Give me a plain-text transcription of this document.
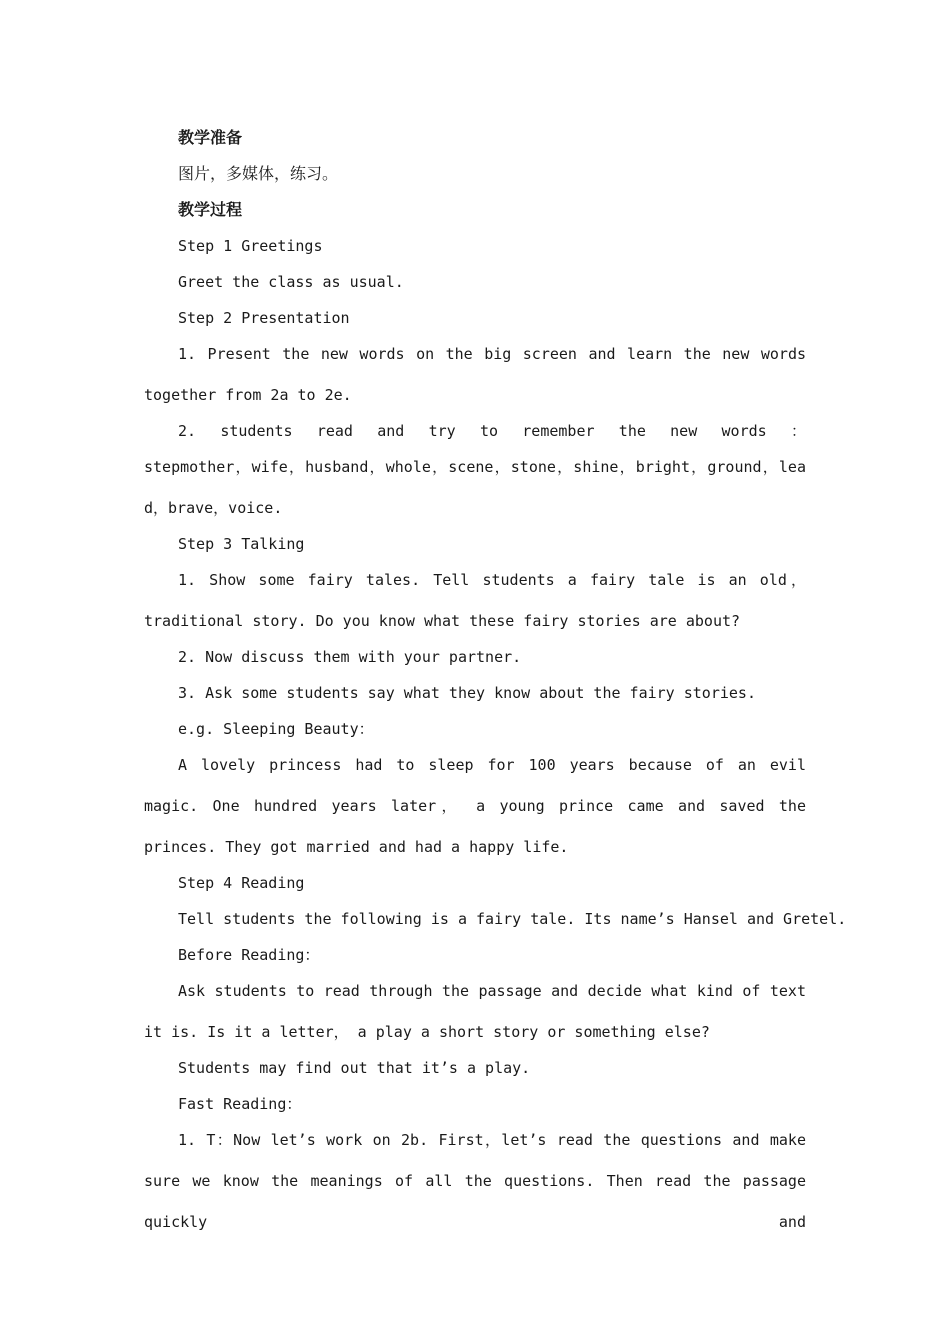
教学准备
图片，多媒体，练习。
教学过程
Step 1 Greetings
Greet the class as usual.
Step 2 Presentation
1. Present the new words on the big screen and learn the new words together from 2a to 2e.
2. students read and try to remember the new words ：
stepmother，wife，husband，whole，scene，stone，shine，bright，ground，lead，brave，voice.
Step 3 Talking
1. Show some fairy tales. Tell students a fairy tale is an old，traditional story. Do you know what these fairy stories are about?
2. Now discuss them with your partner.
3. Ask some students say what they know about the fairy stories.
e.g. Sleeping Beauty：
A lovely princess had to sleep for 100 years because of an evil magic. One hundred years later， a young prince came and saved the princes. They got married and had a happy life.
Step 4 Reading
Tell students the following is a fairy tale. Its name’s Hansel and Gretel.
Before Reading：
Ask students to read through the passage and decide what kind of text it is. Is it a letter， a play a short story or something else?
Students may find out that it’s a play.
Fast Reading：
1. T：Now let’s work on 2b. First，let’s read the questions and make sure we know the meanings of all the questions. Then read the passage quickly and
